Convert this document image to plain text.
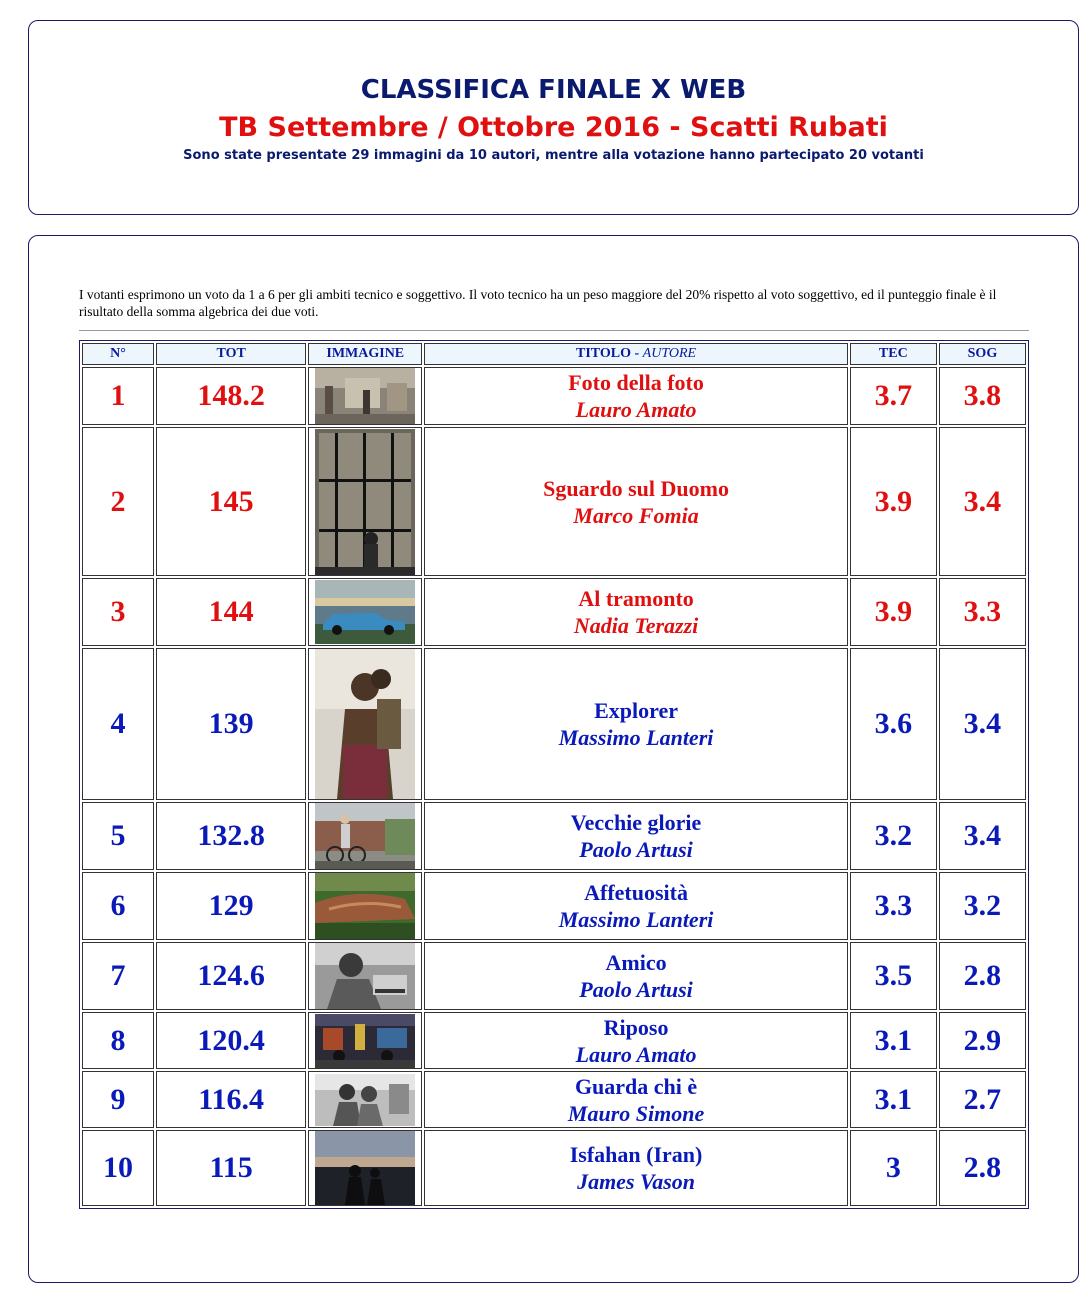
CLASSIFICA FINALE X WEB
TB Settembre / Ottobre 2016 - Scatti Rubati
Sono state presentate 29 immagini da 10 autori, mentre alla votazione hanno partecipato 20 votanti
I votanti esprimono un voto da 1 a 6 per gli ambiti tecnico e soggettivo. Il voto tecnico ha un peso maggiore del 20% rispetto al voto soggettivo, ed il punteggio finale è il risultato della somma algebrica dei due voti.
N°	TOT	IMMAGINE	TITOLO - AUTORE	TEC	SOG
1	148.2		Foto della foto
Lauro Amato	3.7	3.8
2	145		Sguardo sul Duomo
Marco Fomia	3.9	3.4
3	144		Al tramonto
Nadia Terazzi	3.9	3.3
4	139		Explorer
Massimo Lanteri	3.6	3.4
5	132.8		Vecchie glorie
Paolo Artusi	3.2	3.4
6	129		Affetuosità
Massimo Lanteri	3.3	3.2
7	124.6		Amico
Paolo Artusi	3.5	2.8
8	120.4		Riposo
Lauro Amato	3.1	2.9
9	116.4		Guarda chi è
Mauro Simone	3.1	2.7
10	115		Isfahan (Iran)
James Vason	3	2.8
